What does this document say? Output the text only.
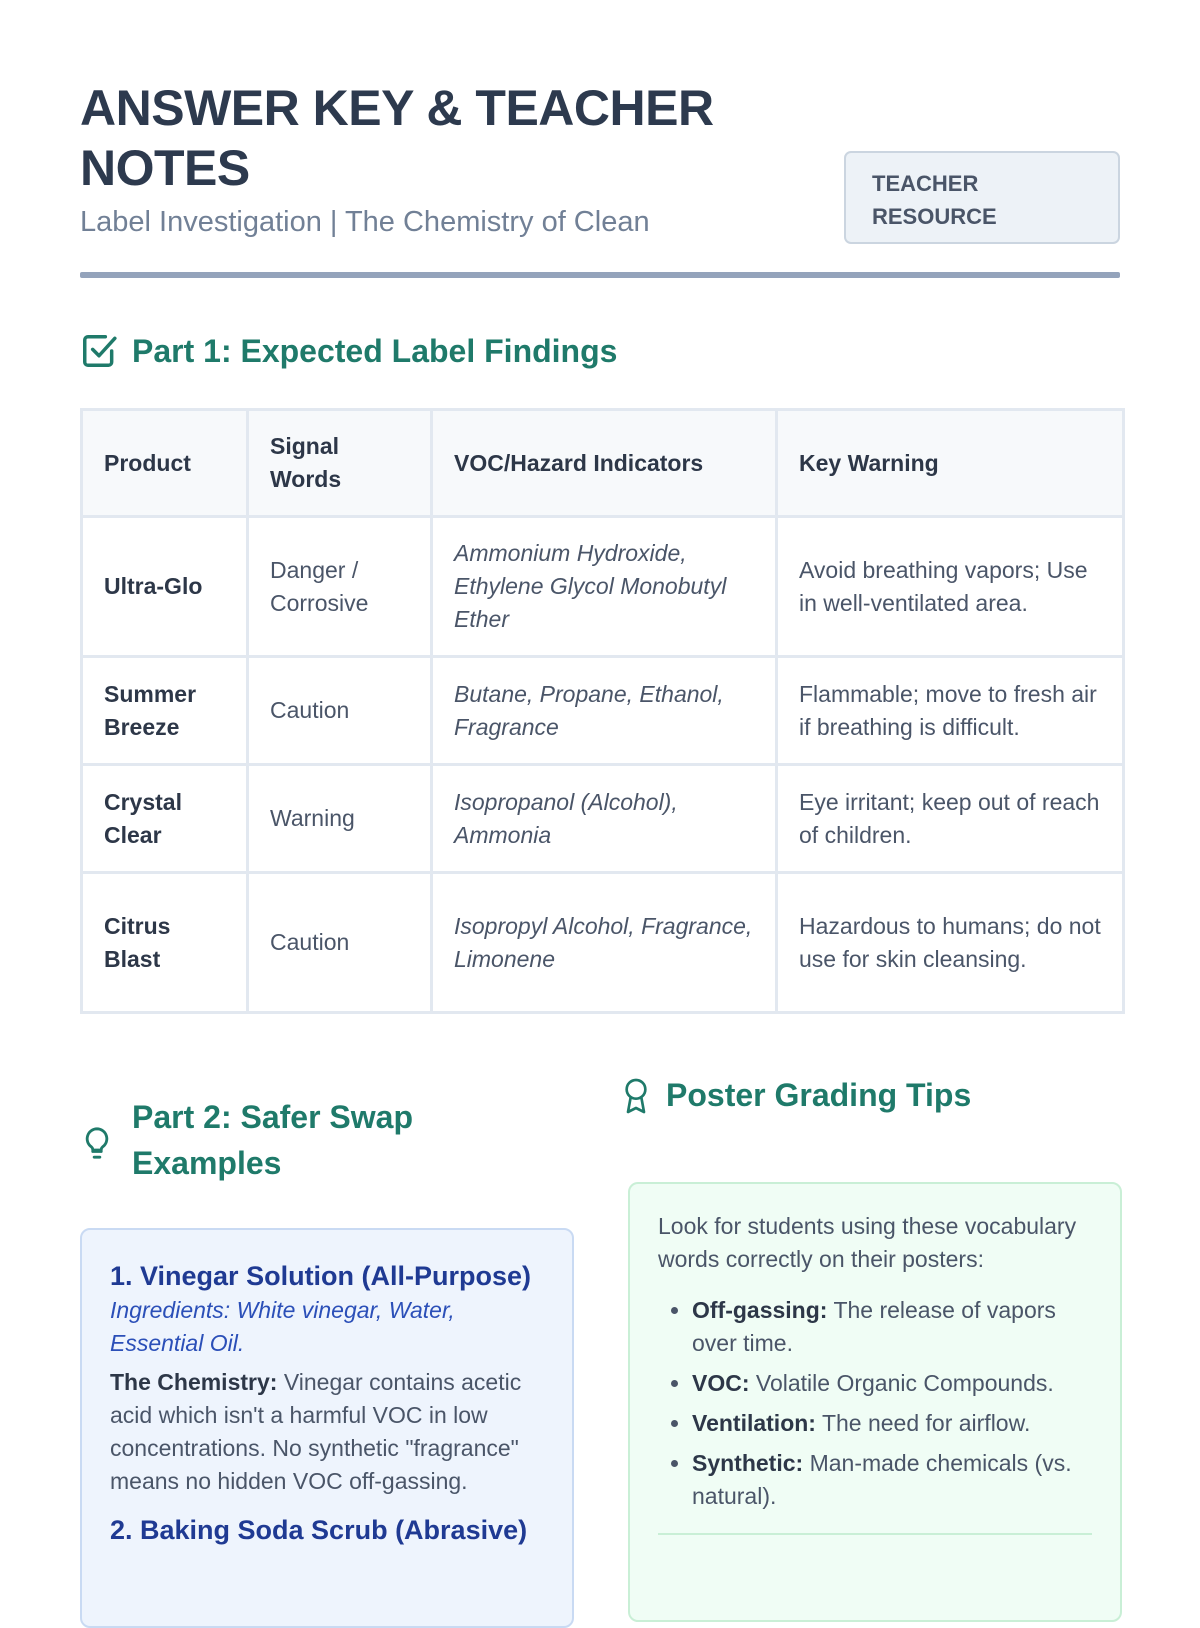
ANSWER KEY & TEACHER NOTES
Label Investigation | The Chemistry of Clean
TEACHER RESOURCE
Part 1: Expected Label Findings
Product	Signal Words	VOC/Hazard Indicators	Key Warning
Ultra-Glo	Danger / Corrosive	Ammonium Hydroxide, Ethylene Glycol Monobutyl Ether	Avoid breathing vapors; Use in well-ventilated area.
Summer Breeze	Caution	Butane, Propane, Ethanol, Fragrance	Flammable; move to fresh air if breathing is difficult.
Crystal Clear	Warning	Isopropanol (Alcohol), Ammonia	Eye irritant; keep out of reach of children.
Citrus Blast	Caution	Isopropyl Alcohol, Fragrance, Limonene	Hazardous to humans; do not use for skin cleansing.
Part 2: Safer Swap Examples
1. Vinegar Solution (All-Purpose)
Ingredients: White vinegar, Water, Essential Oil.
The Chemistry: Vinegar contains acetic acid which isn't a harmful VOC in low concentrations. No synthetic "fragrance" means no hidden VOC off-gassing.
2. Baking Soda Scrub (Abrasive)
Poster Grading Tips
Look for students using these vocabulary words correctly on their posters:
• Off-gassing: The release of vapors over time.
• VOC: Volatile Organic Compounds.
• Ventilation: The need for airflow.
• Synthetic: Man-made chemicals (vs. natural).
